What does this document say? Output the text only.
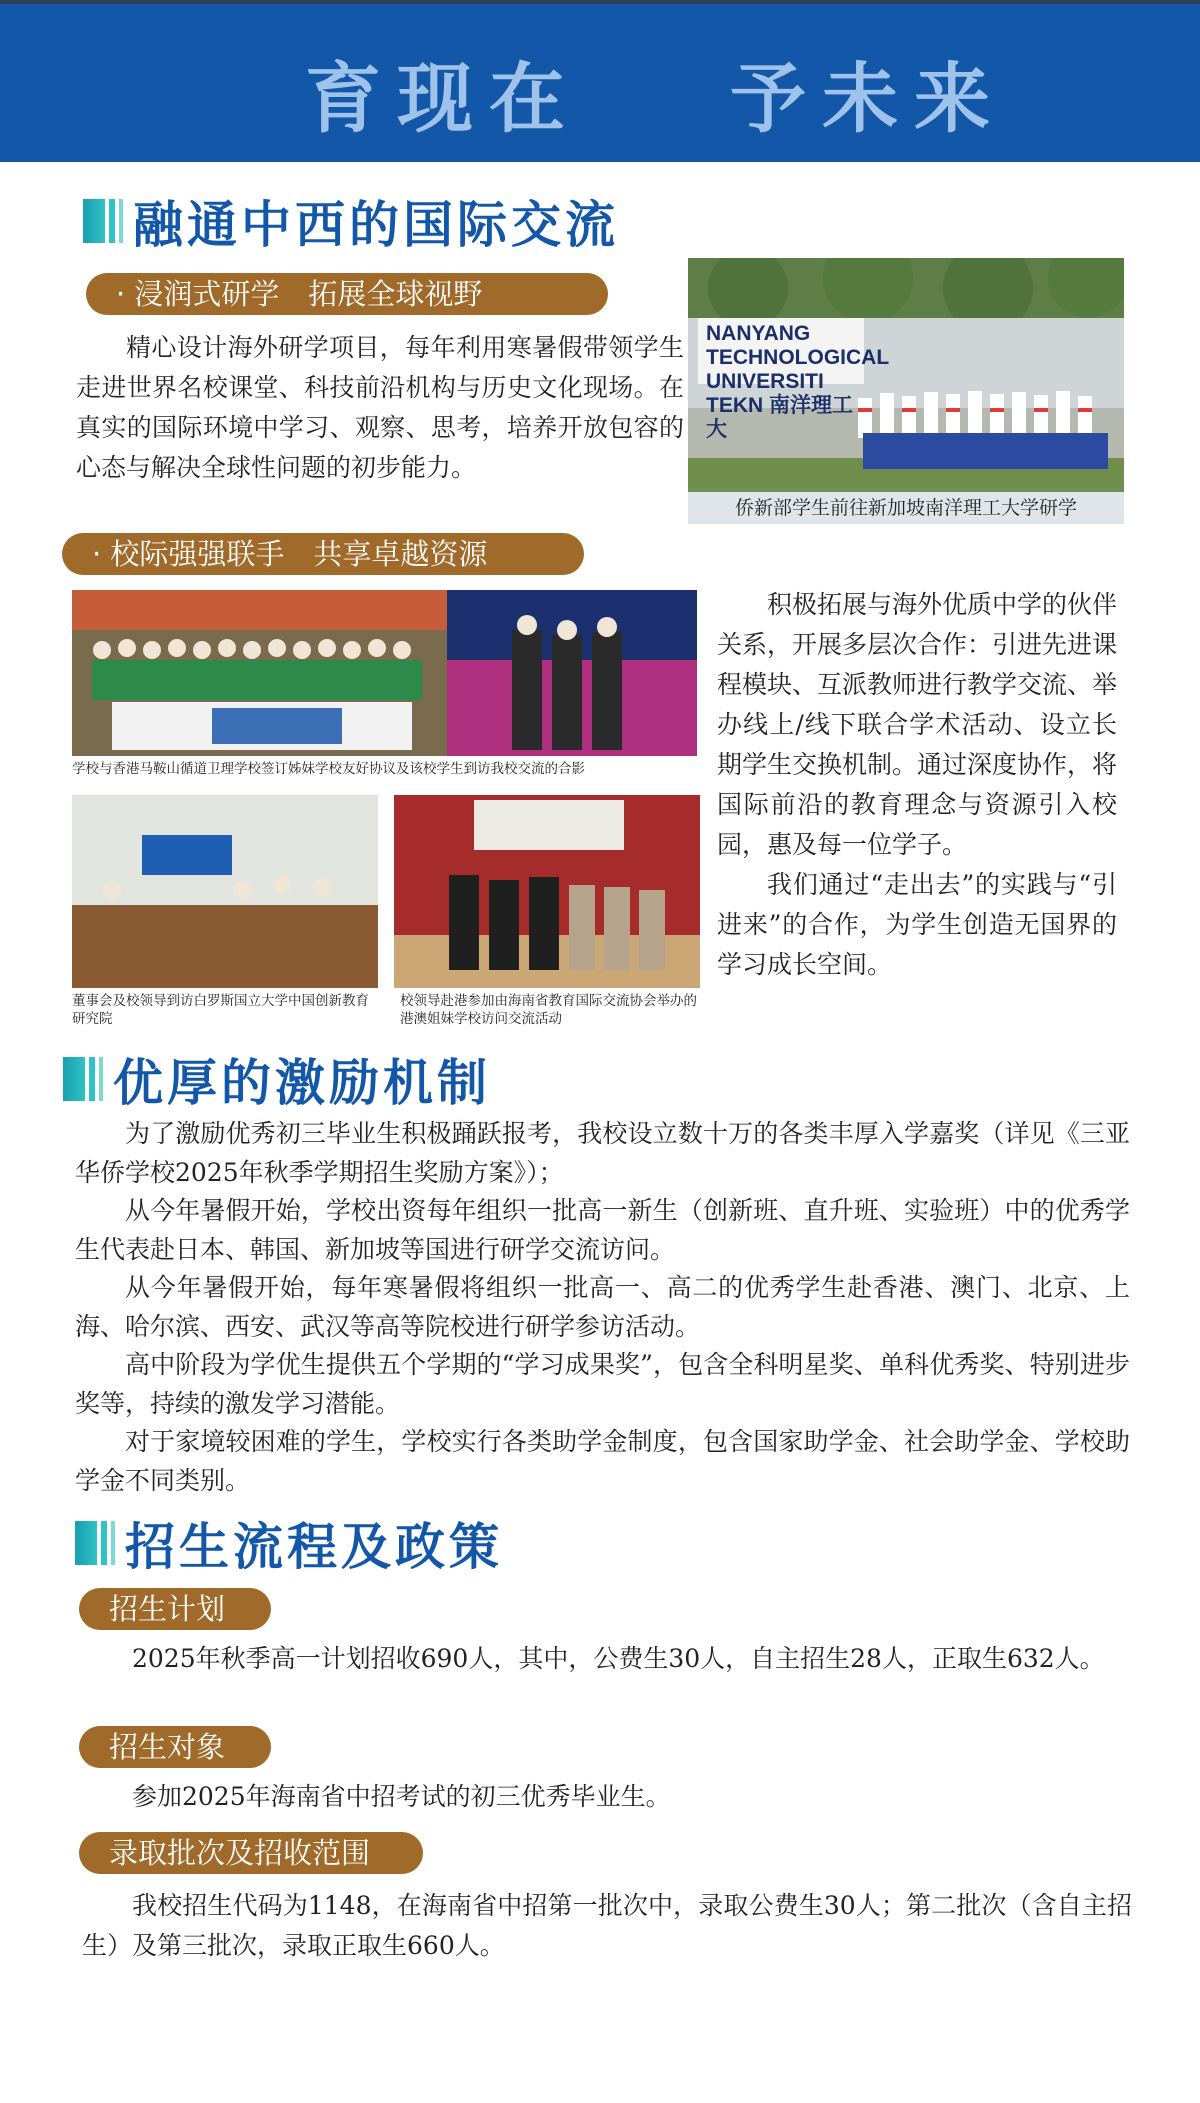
育现在 予未来
融通中西的国际交流
· 浸润式研学　拓展全球视野

精心设计海外研学项目，每年利用寒暑假带领学生走进世界名校课堂、科技前沿机构与历史文化现场。在真实的国际环境中学习、观察、思考，培养开放包容的心态与解决全球性问题的初步能力。

NANYANG TECHNOLOGICAL UNIVERSITI TEKN 南洋理工大
侨新部学生前往新加坡南洋理工大学研学
· 校际强强联手　共享卓越资源
学校与香港马鞍山循道卫理学校签订姊妹学校友好协议及该校学生到访我校交流的合影
董事会及校领导到访白罗斯国立大学中国创新教育研究院
校领导赴港参加由海南省教育国际交流协会举办的港澳姐妹学校访问交流活动

积极拓展与海外优质中学的伙伴关系，开展多层次合作：引进先进课程模块、互派教师进行教学交流、举办线上/线下联合学术活动、设立长期学生交换机制。通过深度协作，将国际前沿的教育理念与资源引入校园，惠及每一位学子。

我们通过“走出去”的实践与“引进来”的合作，为学生创造无国界的学习成长空间。

优厚的激励机制

为了激励优秀初三毕业生积极踊跃报考，我校设立数十万的各类丰厚入学嘉奖（详见《三亚华侨学校2025年秋季学期招生奖励方案》）；

从今年暑假开始，学校出资每年组织一批高一新生（创新班、直升班、实验班）中的优秀学生代表赴日本、韩国、新加坡等国进行研学交流访问。

从今年暑假开始，每年寒暑假将组织一批高一、高二的优秀学生赴香港、澳门、北京、上海、哈尔滨、西安、武汉等高等院校进行研学参访活动。

高中阶段为学优生提供五个学期的“学习成果奖”，包含全科明星奖、单科优秀奖、特别进步奖等，持续的激发学习潜能。

对于家境较困难的学生，学校实行各类助学金制度，包含国家助学金、社会助学金、学校助学金不同类别。

招生流程及政策
招生计划

2025年秋季高一计划招收690人，其中，公费生30人，自主招生28人，正取生632人。

招生对象

参加2025年海南省中招考试的初三优秀毕业生。

录取批次及招收范围

我校招生代码为1148，在海南省中招第一批次中，录取公费生30人；第二批次（含自主招生）及第三批次，录取正取生660人。
